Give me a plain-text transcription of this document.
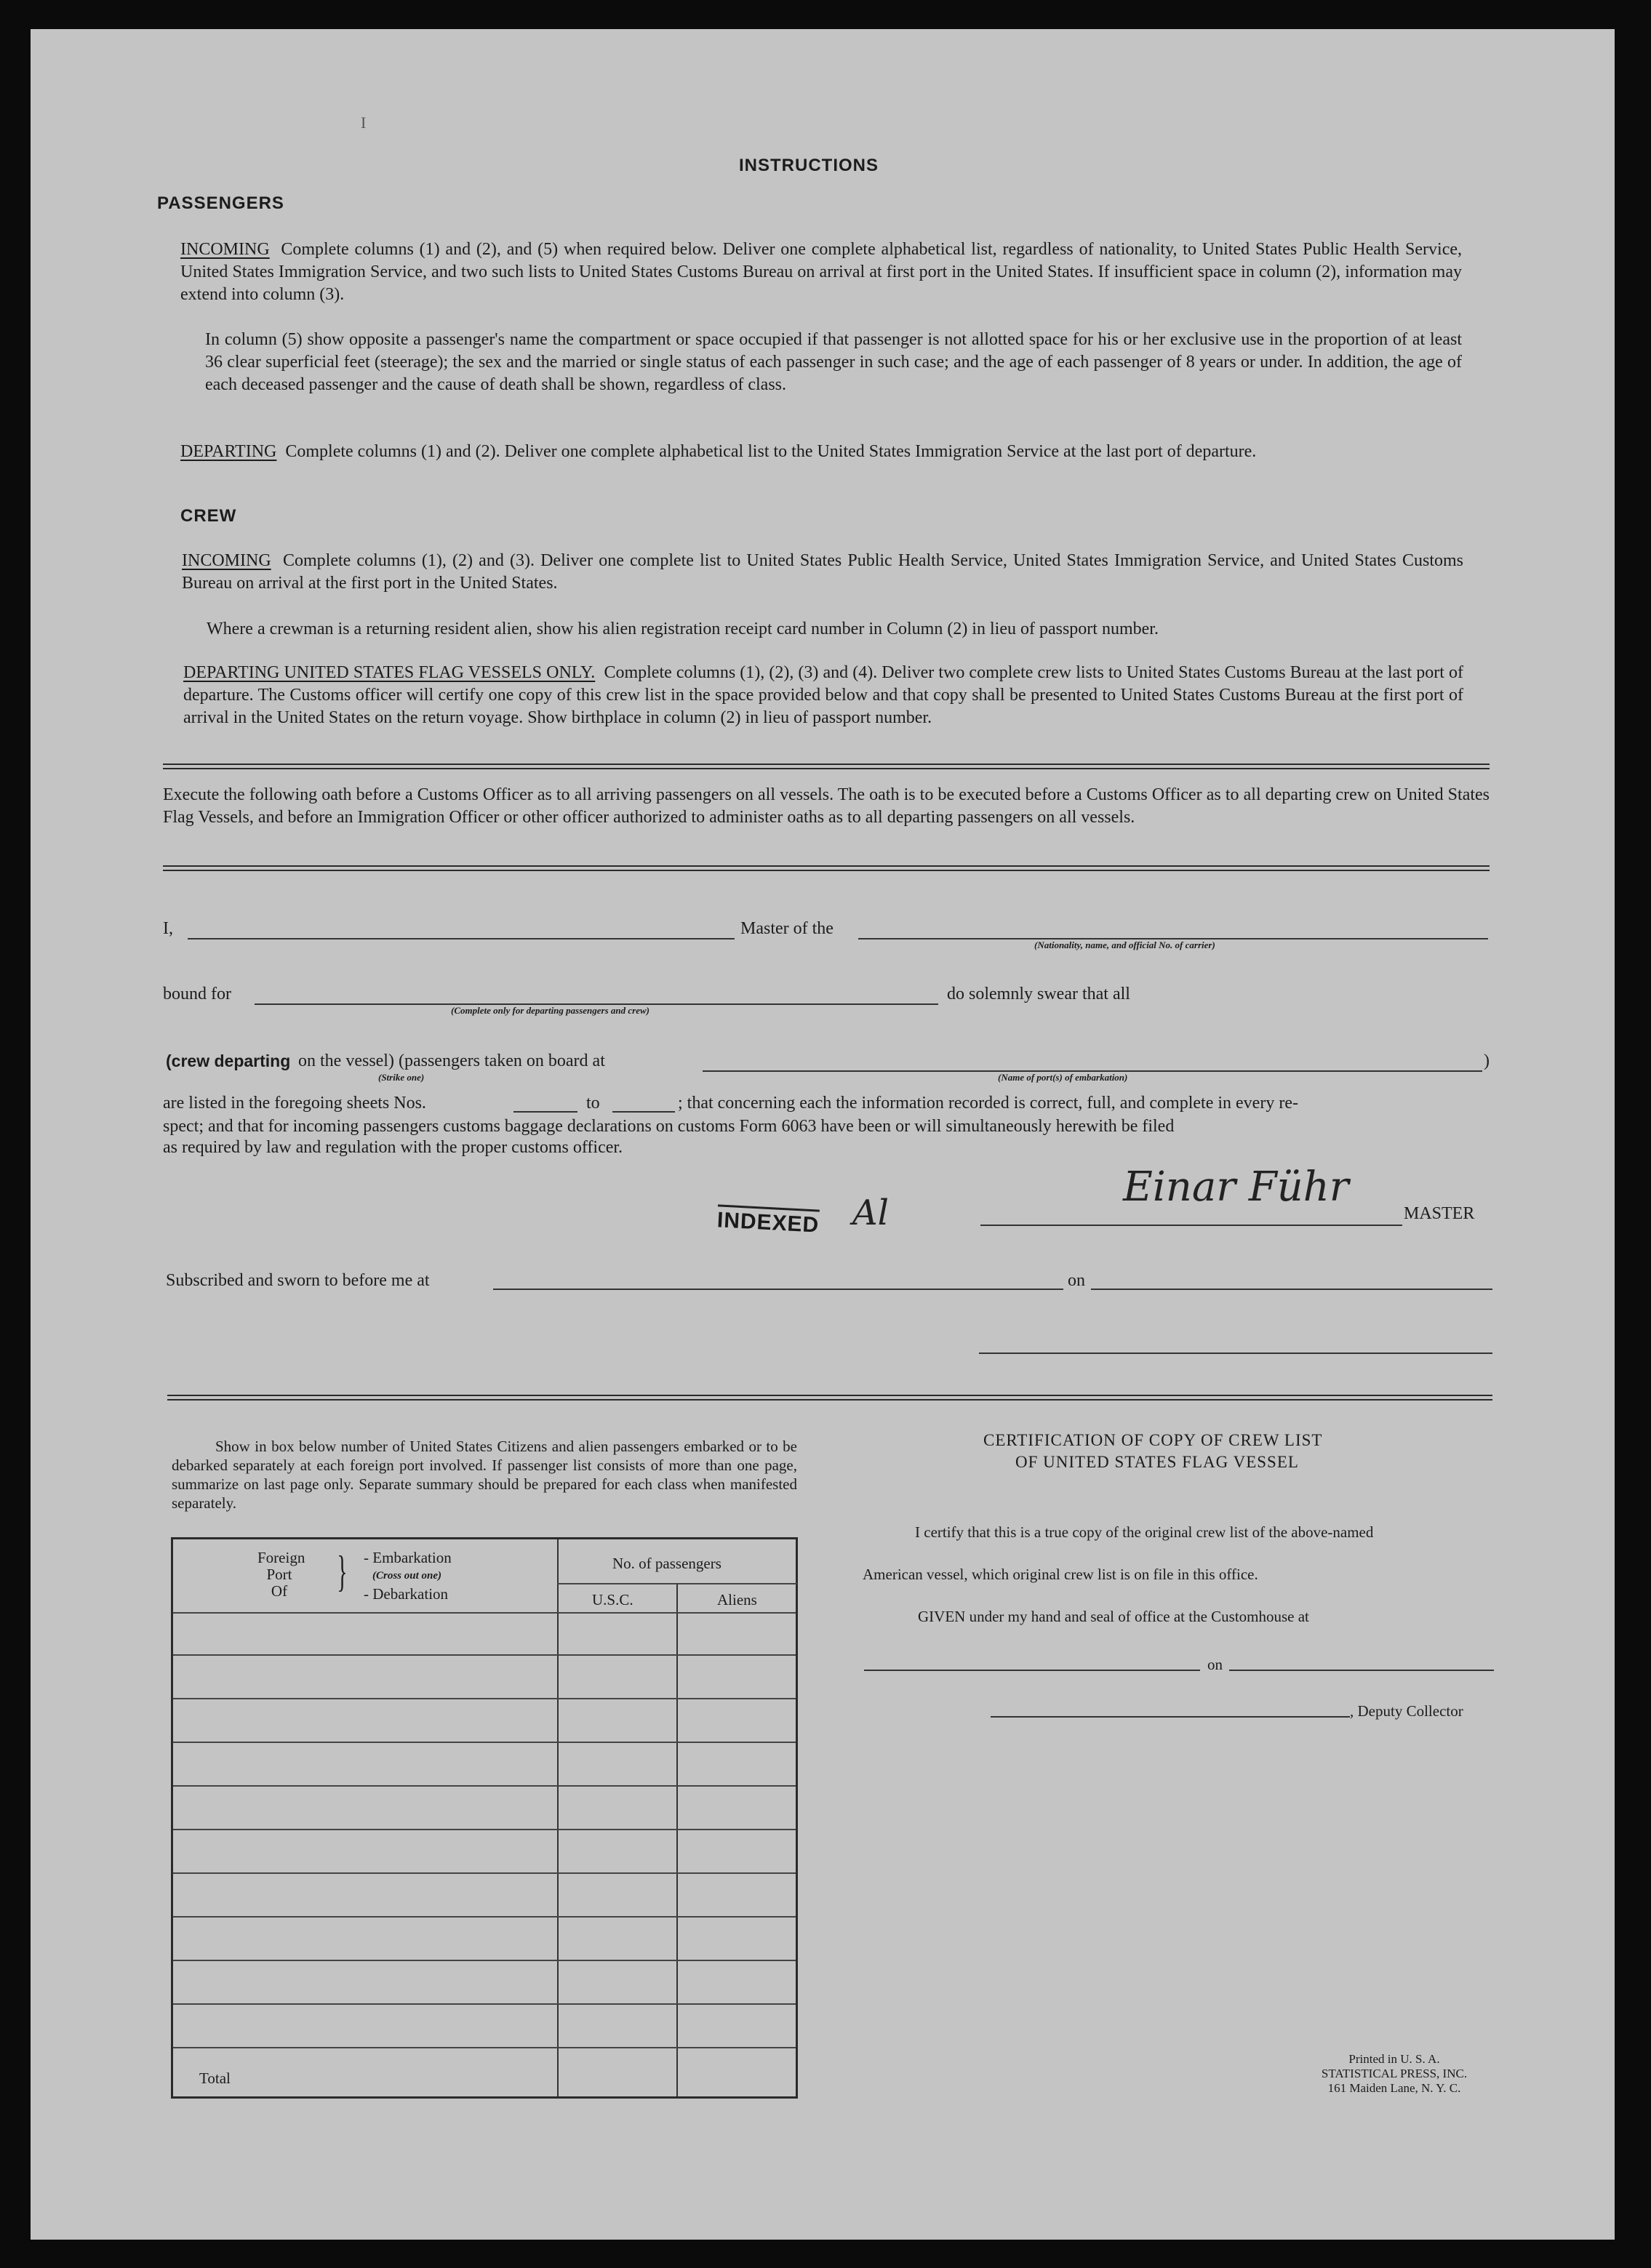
I
INSTRUCTIONS
PASSENGERS
INCOMING Complete columns (1) and (2), and (5) when required below. Deliver one complete alphabetical list, regardless of nationality, to United States Public Health Service, United States Immigration Service, and two such lists to United States Customs Bureau on arrival at first port in the United States. If insufficient space in column (2), information may extend into column (3).
In column (5) show opposite a passenger's name the compartment or space occupied if that passenger is not allotted space for his or her exclusive use in the proportion of at least 36 clear superficial feet (steerage); the sex and the married or single status of each passenger in such case; and the age of each passenger of 8 years or under. In addition, the age of each deceased passenger and the cause of death shall be shown, regardless of class.
DEPARTING Complete columns (1) and (2). Deliver one complete alphabetical list to the United States Immigration Service at the last port of departure.
CREW
INCOMING Complete columns (1), (2) and (3). Deliver one complete list to United States Public Health Service, United States Immigration Service, and United States Customs Bureau on arrival at the first port in the United States.
Where a crewman is a returning resident alien, show his alien registration receipt card number in Column (2) in lieu of passport number.
DEPARTING UNITED STATES FLAG VESSELS ONLY. Complete columns (1), (2), (3) and (4). Deliver two complete crew lists to United States Customs Bureau at the last port of departure. The Customs officer will certify one copy of this crew list in the space provided below and that copy shall be presented to United States Customs Bureau at the first port of arrival in the United States on the return voyage. Show birthplace in column (2) in lieu of passport number.
Execute the following oath before a Customs Officer as to all arriving passengers on all vessels. The oath is to be executed before a Customs Officer as to all departing crew on United States Flag Vessels, and before an Immigration Officer or other officer authorized to administer oaths as to all departing passengers on all vessels.
I,	Master of the
(Nationality, name, and official No. of carrier)
bound for
(Complete only for departing passengers and crew)
do solemnly swear that all
(crew departing on the vessel) (passengers taken on board at	)
(Strike one)	(Name of port(s) of embarkation)
are listed in the foregoing sheets Nos.	to	; that concerning each the information recorded is correct, full, and complete in every re-
spect; and that for incoming passengers customs baggage declarations on customs Form 6063 have been or will simultaneously herewith be filed
as required by law and regulation with the proper customs officer.
INDEXED Al
Einar Führ
MASTER
Subscribed and sworn to before me at	on
Show in box below number of United States Citizens and alien passengers embarked or to be debarked separately at each foreign port involved. If passenger list consists of more than one page, summarize on last page only. Separate summary should be prepared for each class when manifested separately.
Foreign
Port
Of	} - Embarkation
(Cross out one)
- Debarkation
No. of passengers
U.S.C.	Aliens
Total
CERTIFICATION OF COPY OF CREW LIST
OF UNITED STATES FLAG VESSEL
I certify that this is a true copy of the original crew list of the above-named
American vessel, which original crew list is on file in this office.
GIVEN under my hand and seal of office at the Customhouse at
on
, Deputy Collector
Printed in U. S. A.
STATISTICAL PRESS, INC.
161 Maiden Lane, N. Y. C.
